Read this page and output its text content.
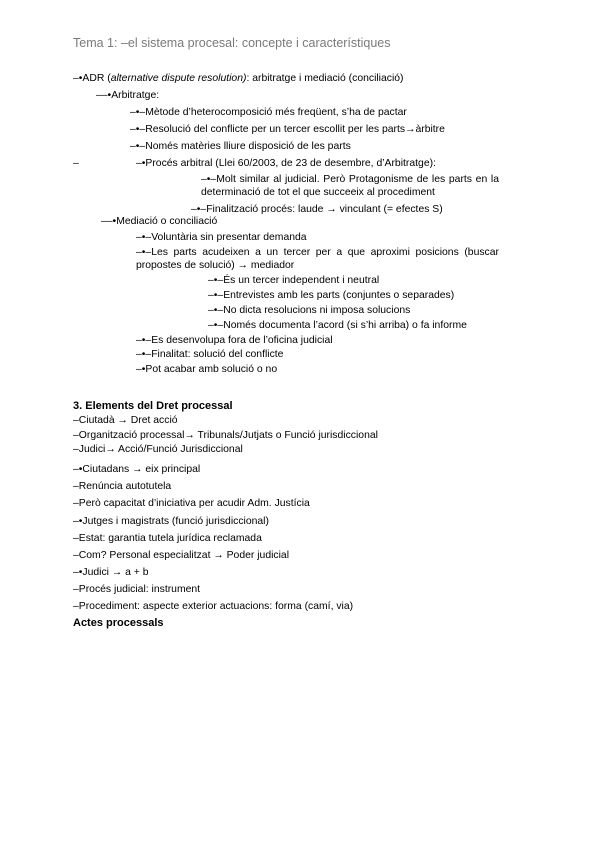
Tema 1: –el sistema procesal: concepte i característiques
–•ADR (alternative dispute resolution): arbitratge i mediació (conciliació)
––•Arbitratge:
–•–Mètode d’heterocomposició més freqüent, s’ha de pactar
–•–Resolució del conflicte per un tercer escollit per les parts→àrbitre
–•–Només matèries lliure disposició de les parts
–	–•Procés arbitral (Llei 60/2003, de 23 de desembre, d’Arbitratge):
–•–Molt similar al judicial. Però Protagonisme de les parts en la determinació de tot el que succeeix al procediment
–•–Finalització procés: laude → vinculant (= efectes S)
––•Mediació o conciliació
–•–Voluntària sin presentar demanda
–•–Les parts acudeixen a un tercer per a que aproximi posicions (buscar propostes de solució) → mediador
–•–És un tercer independent i neutral
–•–Entrevistes amb les parts (conjuntes o separades)
–•–No dicta resolucions ni imposa solucions
–•–Només documenta l’acord (si s’hi arriba) o fa informe
–•–Es desenvolupa fora de l’oficina judicial
–•–Finalitat: solució del conflicte
–•Pot acabar amb solució o no
3. Elements del Dret processal
–Ciutadà → Dret acció
–Organització processal→ Tribunals/Jutjats o Funció jurisdiccional
–Judici→ Acció/Funció Jurisdiccional
–•Ciutadans → eix principal
–Renúncia autotutela
–Però capacitat d’iniciativa per acudir Adm. Justícia
–•Jutges i magistrats (funció jurisdiccional)
–Estat: garantia tutela jurídica reclamada
–Com? Personal especialitzat → Poder judicial
–•Judici → a + b
–Procés judicial: instrument
–Procediment: aspecte exterior actuacions: forma (camí, via)
Actes processals
